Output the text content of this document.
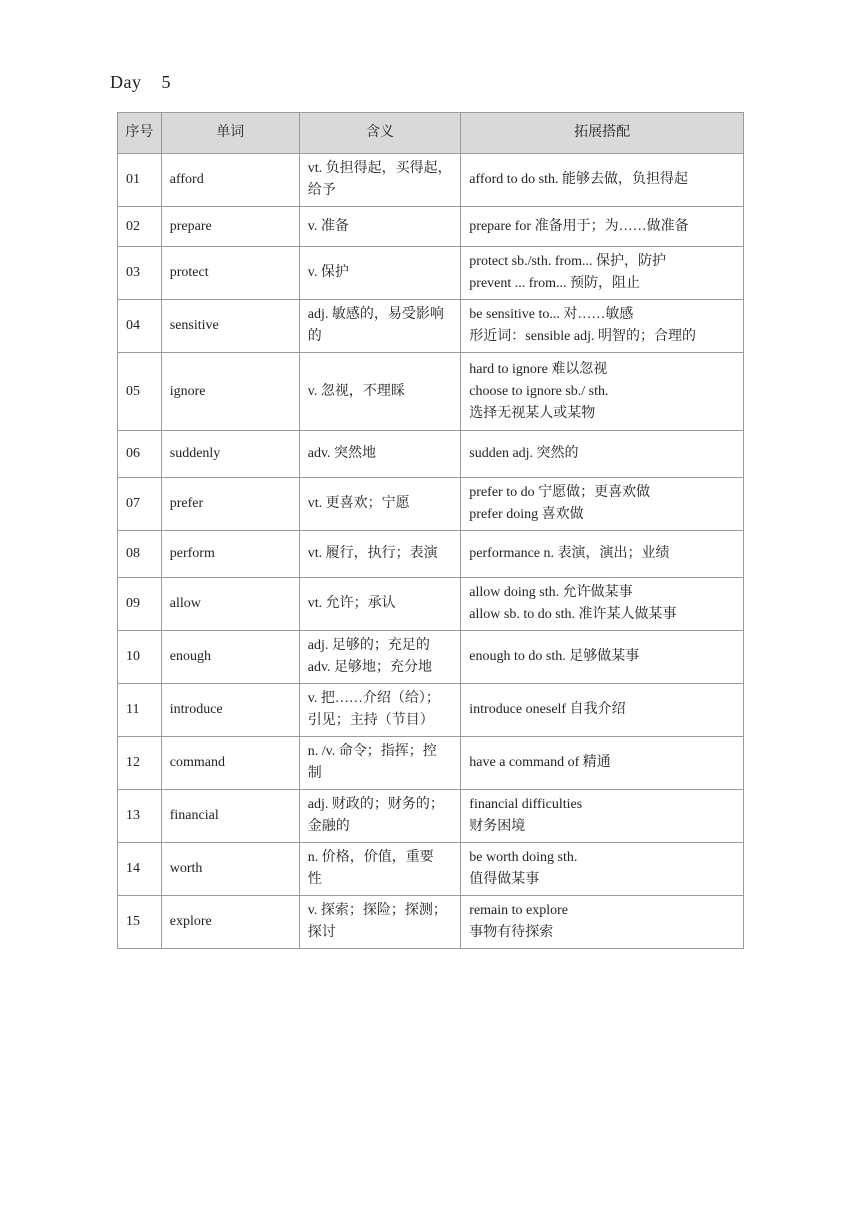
Day    5
序号	单词	含义	拓展搭配
01	afford	vt. 负担得起，买得起，
给予	afford to do sth. 能够去做，负担得起

02	prepare	v. 准备	prepare for 准备用于；为……做准备

03	protect	v. 保护	protect sb./sth. from... 保护，防护
prevent ... from... 预防，阻止

04	sensitive	adj. 敏感的，易受影响
的	be sensitive to... 对……敏感
形近词：sensible adj. 明智的；合理的

05	ignore	v. 忽视，不理睬	hard to ignore 难以忽视
choose to ignore sb./ sth.
选择无视某人或某物

06	suddenly	adv. 突然地	sudden adj. 突然的

07	prefer	vt. 更喜欢；宁愿	prefer to do 宁愿做；更喜欢做
prefer doing 喜欢做

08	perform	vt. 履行，执行；表演	performance n. 表演，演出；业绩

09	allow	vt. 允许；承认	allow doing sth. 允许做某事
allow sb. to do sth. 准许某人做某事

10	enough	adj. 足够的；充足的
adv. 足够地；充分地	enough to do sth. 足够做某事

11	introduce	v. 把……介绍（给）；
引见；主持（节目）	introduce oneself 自我介绍

12	command	n. /v. 命令；指挥；控
制	have a command of 精通

13	financial	adj. 财政的；财务的；
金融的	financial difficulties
财务困境

14	worth	n. 价格，价值，重要
性	be worth doing sth.
值得做某事

15	explore	v. 探索；探险；探测；
探讨	remain to explore
事物有待探索
